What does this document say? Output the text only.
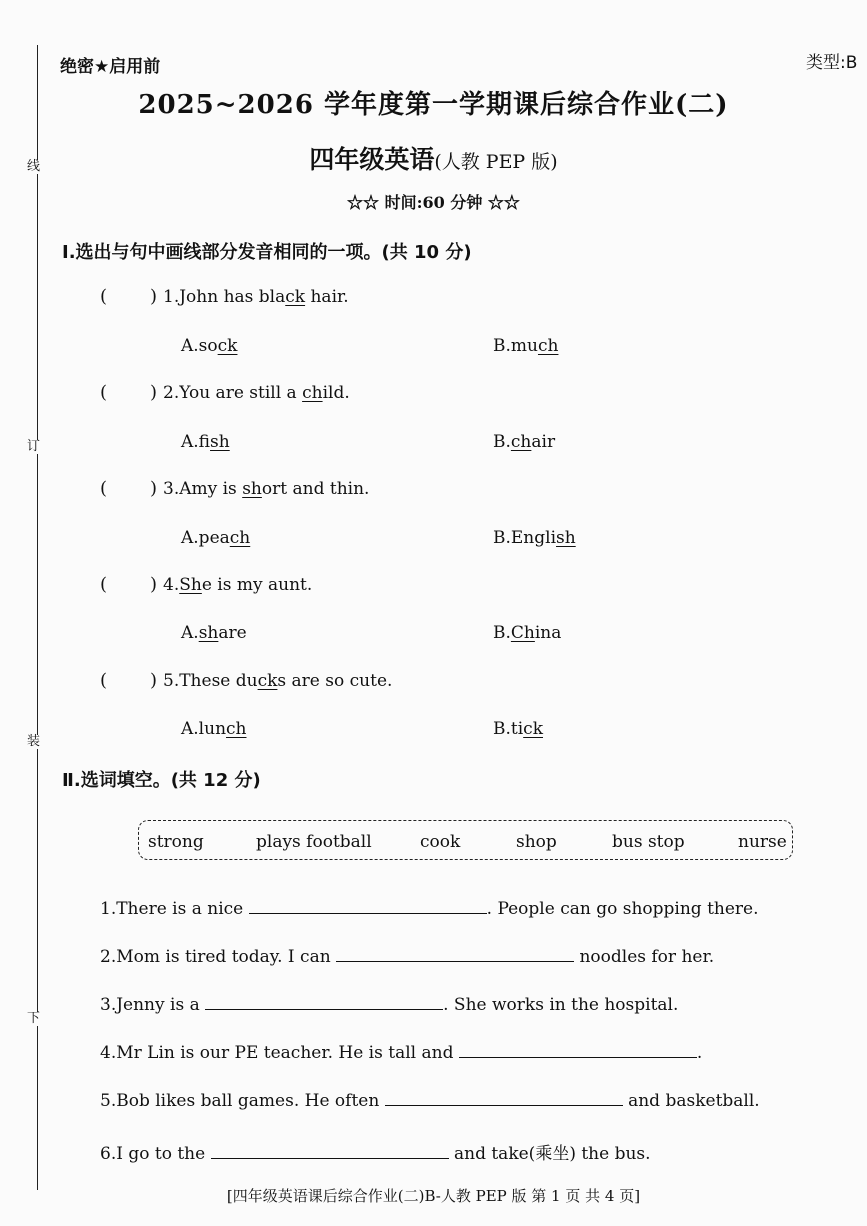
线
订
装
下
绝密★启用前	类型:B
2025~2026 学年度第一学期课后综合作业(二)
四年级英语(人教 PEP 版)
☆☆ 时间:60 分钟 ☆☆
Ⅰ.选出与句中画线部分发音相同的一项。(共 10 分)
( ) 1.John has black hair.
A.sock	B.much
( ) 2.You are still a child.
A.fish	B.chair
( ) 3.Amy is short and thin.
A.peach	B.English
( ) 4.She is my aunt.
A.share	B.China
( ) 5.These ducks are so cute.
A.lunch	B.tick
Ⅱ.选词填空。(共 12 分)
strong	plays football	cook	shop	bus stop	nurse
1.There is a nice	. People can go shopping there.
2.Mom is tired today. I can	noodles for her.
3.Jenny is a	. She works in the hospital.
4.Mr Lin is our PE teacher. He is tall and	.
5.Bob likes ball games. He often	and basketball.
6.I go to the	and take(乘坐) the bus.
[四年级英语课后综合作业(二)B-人教 PEP 版 第 1 页 共 4 页]
